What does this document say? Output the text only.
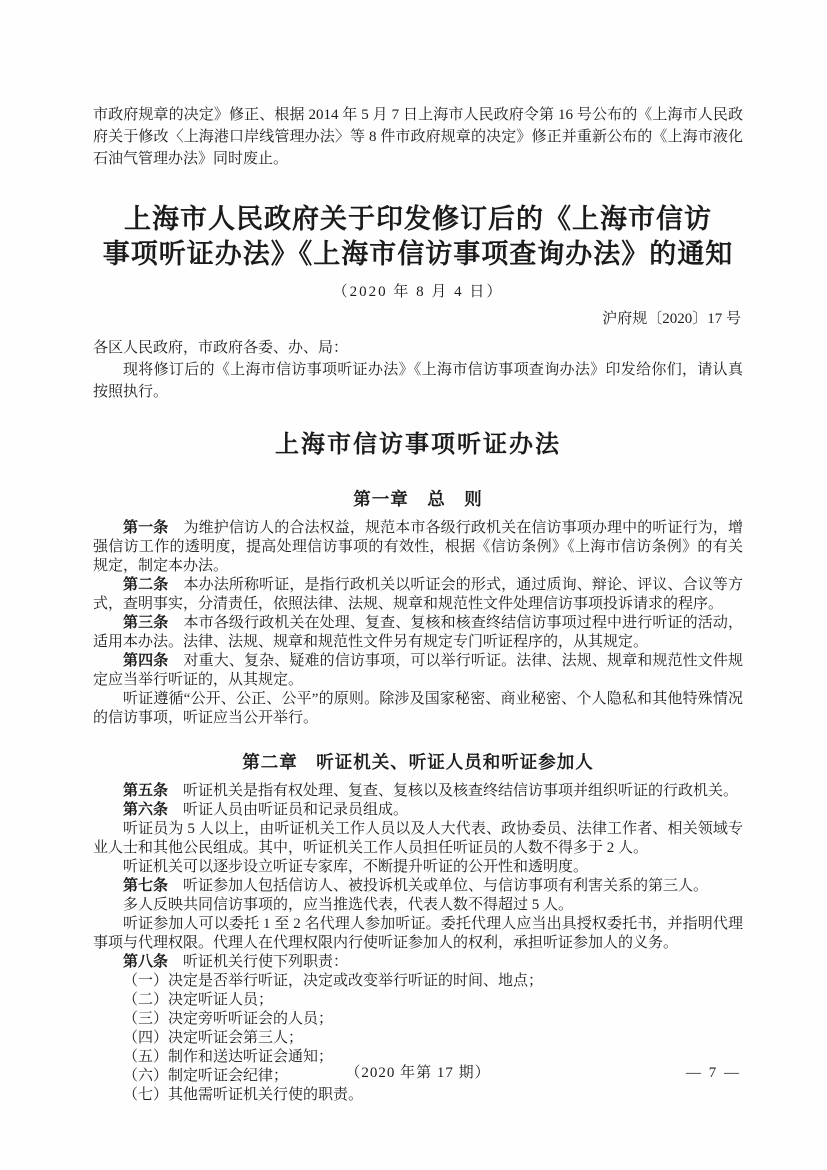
市政府规章的决定》修正、根据 2014 年 5 月 7 日上海市人民政府令第 16 号公布的《上海市人民政府关于修改〈上海港口岸线管理办法〉等 8 件市政府规章的决定》修正并重新公布的《上海市液化石油气管理办法》同时废止。

上海市人民政府关于印发修订后的《上海市信访
事项听证办法》《上海市信访事项查询办法》的通知
（2020 年 8 月 4 日）
沪府规〔2020〕17 号

各区人民政府，市政府各委、办、局：

现将修订后的《上海市信访事项听证办法》《上海市信访事项查询办法》印发给你们，请认真按照执行。

上海市信访事项听证办法
第一章　总　则

第一条 为维护信访人的合法权益，规范本市各级行政机关在信访事项办理中的听证行为，增强信访工作的透明度，提高处理信访事项的有效性，根据《信访条例》《上海市信访条例》的有关规定，制定本办法。

第二条 本办法所称听证，是指行政机关以听证会的形式，通过质询、辩论、评议、合议等方式，查明事实，分清责任，依照法律、法规、规章和规范性文件处理信访事项投诉请求的程序。

第三条 本市各级行政机关在处理、复查、复核和核查终结信访事项过程中进行听证的活动，适用本办法。法律、法规、规章和规范性文件另有规定专门听证程序的，从其规定。

第四条 对重大、复杂、疑难的信访事项，可以举行听证。法律、法规、规章和规范性文件规定应当举行听证的，从其规定。

听证遵循“公开、公正、公平”的原则。除涉及国家秘密、商业秘密、个人隐私和其他特殊情况的信访事项，听证应当公开举行。

第二章　听证机关、听证人员和听证参加人

第五条 听证机关是指有权处理、复查、复核以及核查终结信访事项并组织听证的行政机关。

第六条 听证人员由听证员和记录员组成。

听证员为 5 人以上，由听证机关工作人员以及人大代表、政协委员、法律工作者、相关领域专业人士和其他公民组成。其中，听证机关工作人员担任听证员的人数不得多于 2 人。

听证机关可以逐步设立听证专家库，不断提升听证的公开性和透明度。

第七条 听证参加人包括信访人、被投诉机关或单位、与信访事项有利害关系的第三人。

多人反映共同信访事项的，应当推选代表，代表人数不得超过 5 人。

听证参加人可以委托 1 至 2 名代理人参加听证。委托代理人应当出具授权委托书，并指明代理事项与代理权限。代理人在代理权限内行使听证参加人的权利，承担听证参加人的义务。

第八条 听证机关行使下列职责：

（一）决定是否举行听证，决定或改变举行听证的时间、地点；

（二）决定听证人员；

（三）决定旁听听证会的人员；

（四）决定听证会第三人；

（五）制作和送达听证会通知；

（六）制定听证会纪律；

（七）其他需听证机关行使的职责。

（2020 年第 17 期）	— 7 —
